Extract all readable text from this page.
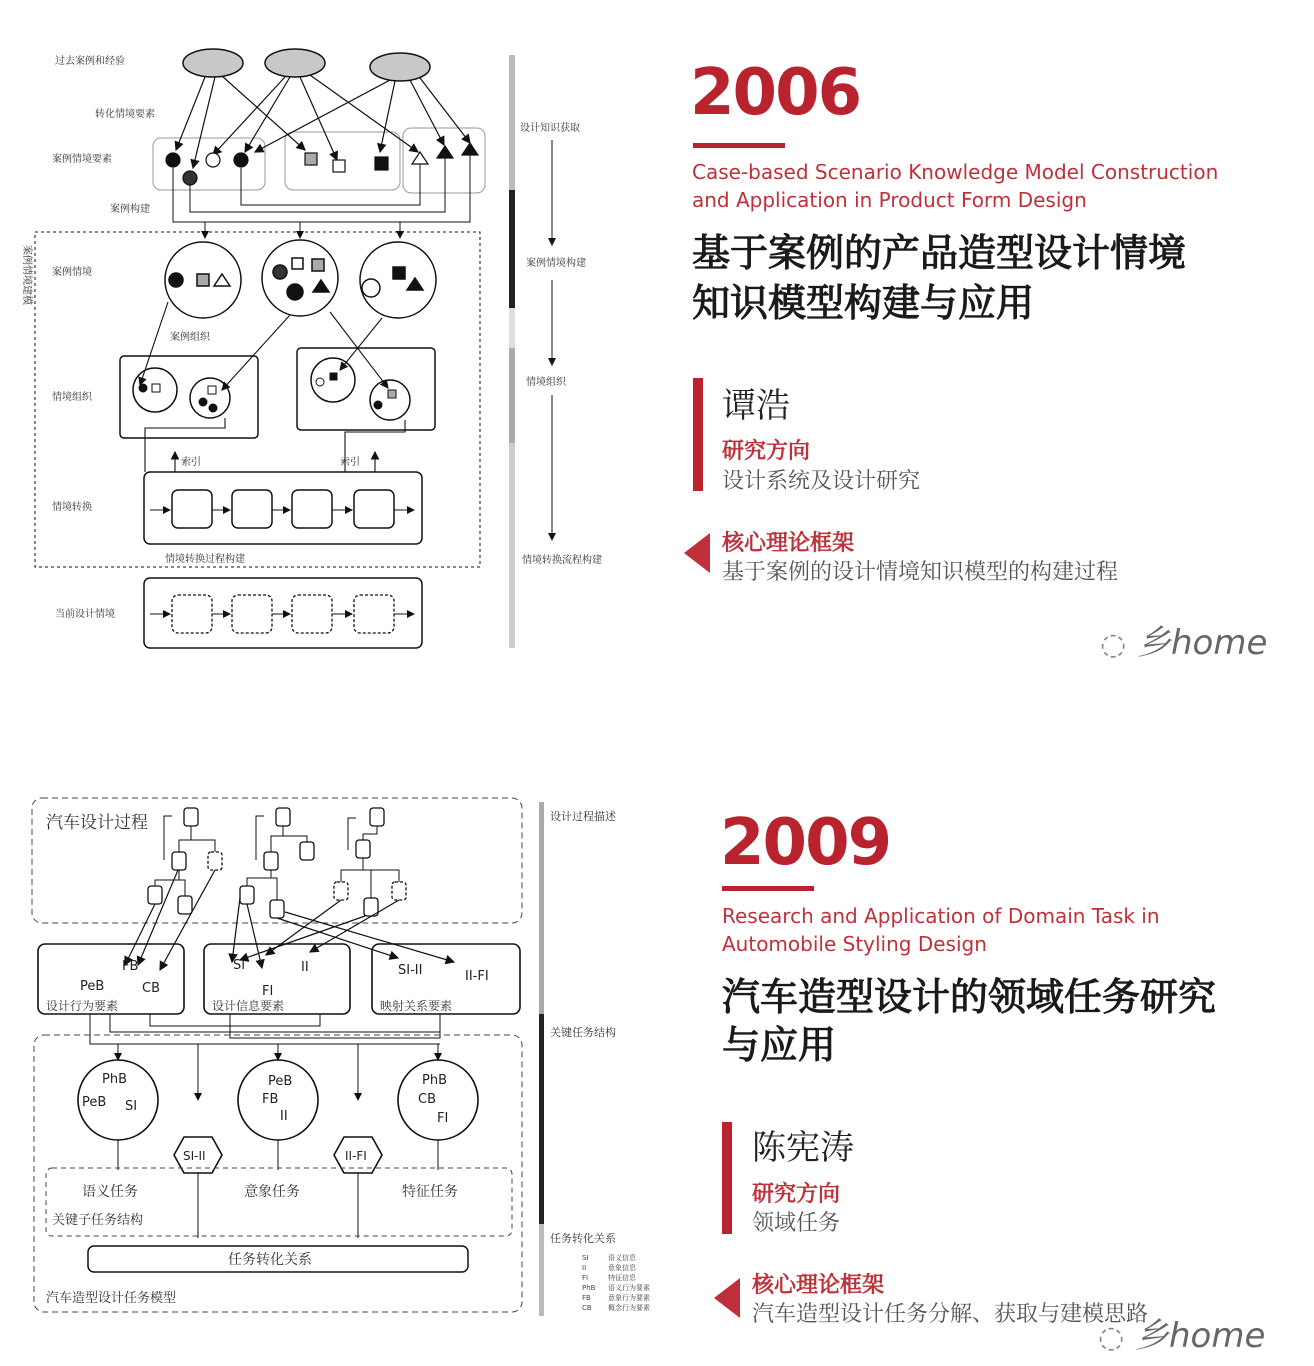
过去案例和经验
转化情境要素
案例情境要素
案例构建
案例情境
情境组织
情境转换
当前设计情境
案例情境建模
案例组织
索引	索引
情境转换过程构建
设计知识获取
案例情境构建
情境组织
情境转换流程构建
2006
Case-based Scenario Knowledge Model Construction
and Application in Product Form Design
基于案例的产品造型设计情境
知识模型构建与应用
谭浩
研究方向
设计系统及设计研究
核心理论框架
基于案例的设计情境知识模型的构建过程
◌ 乡home
汽车设计过程
FB
PeB	CB
SI
FI
II	SI-II	II-FI
设计行为要素	设计信息要素	映射关系要素
PhB
PeB SI
PeB
FB
II
PhB
CB
FI
SI-II	II-FI
语义任务	意象任务	特征任务
关键子任务结构
任务转化关系
汽车造型设计任务模型
设计过程描述
关键任务结构
任务转化关系
SI	语义信息
II	意象信息
FI	特征信息
PhB 语义行为要素
FB 意象行为要素
CB 概念行为要素
2009
Research and Application of Domain Task in
Automobile Styling Design
汽车造型设计的领域任务研究
与应用
陈宪涛
研究方向
领域任务
核心理论框架
汽车造型设计任务分解、获取与建模思路
◌ 乡home
